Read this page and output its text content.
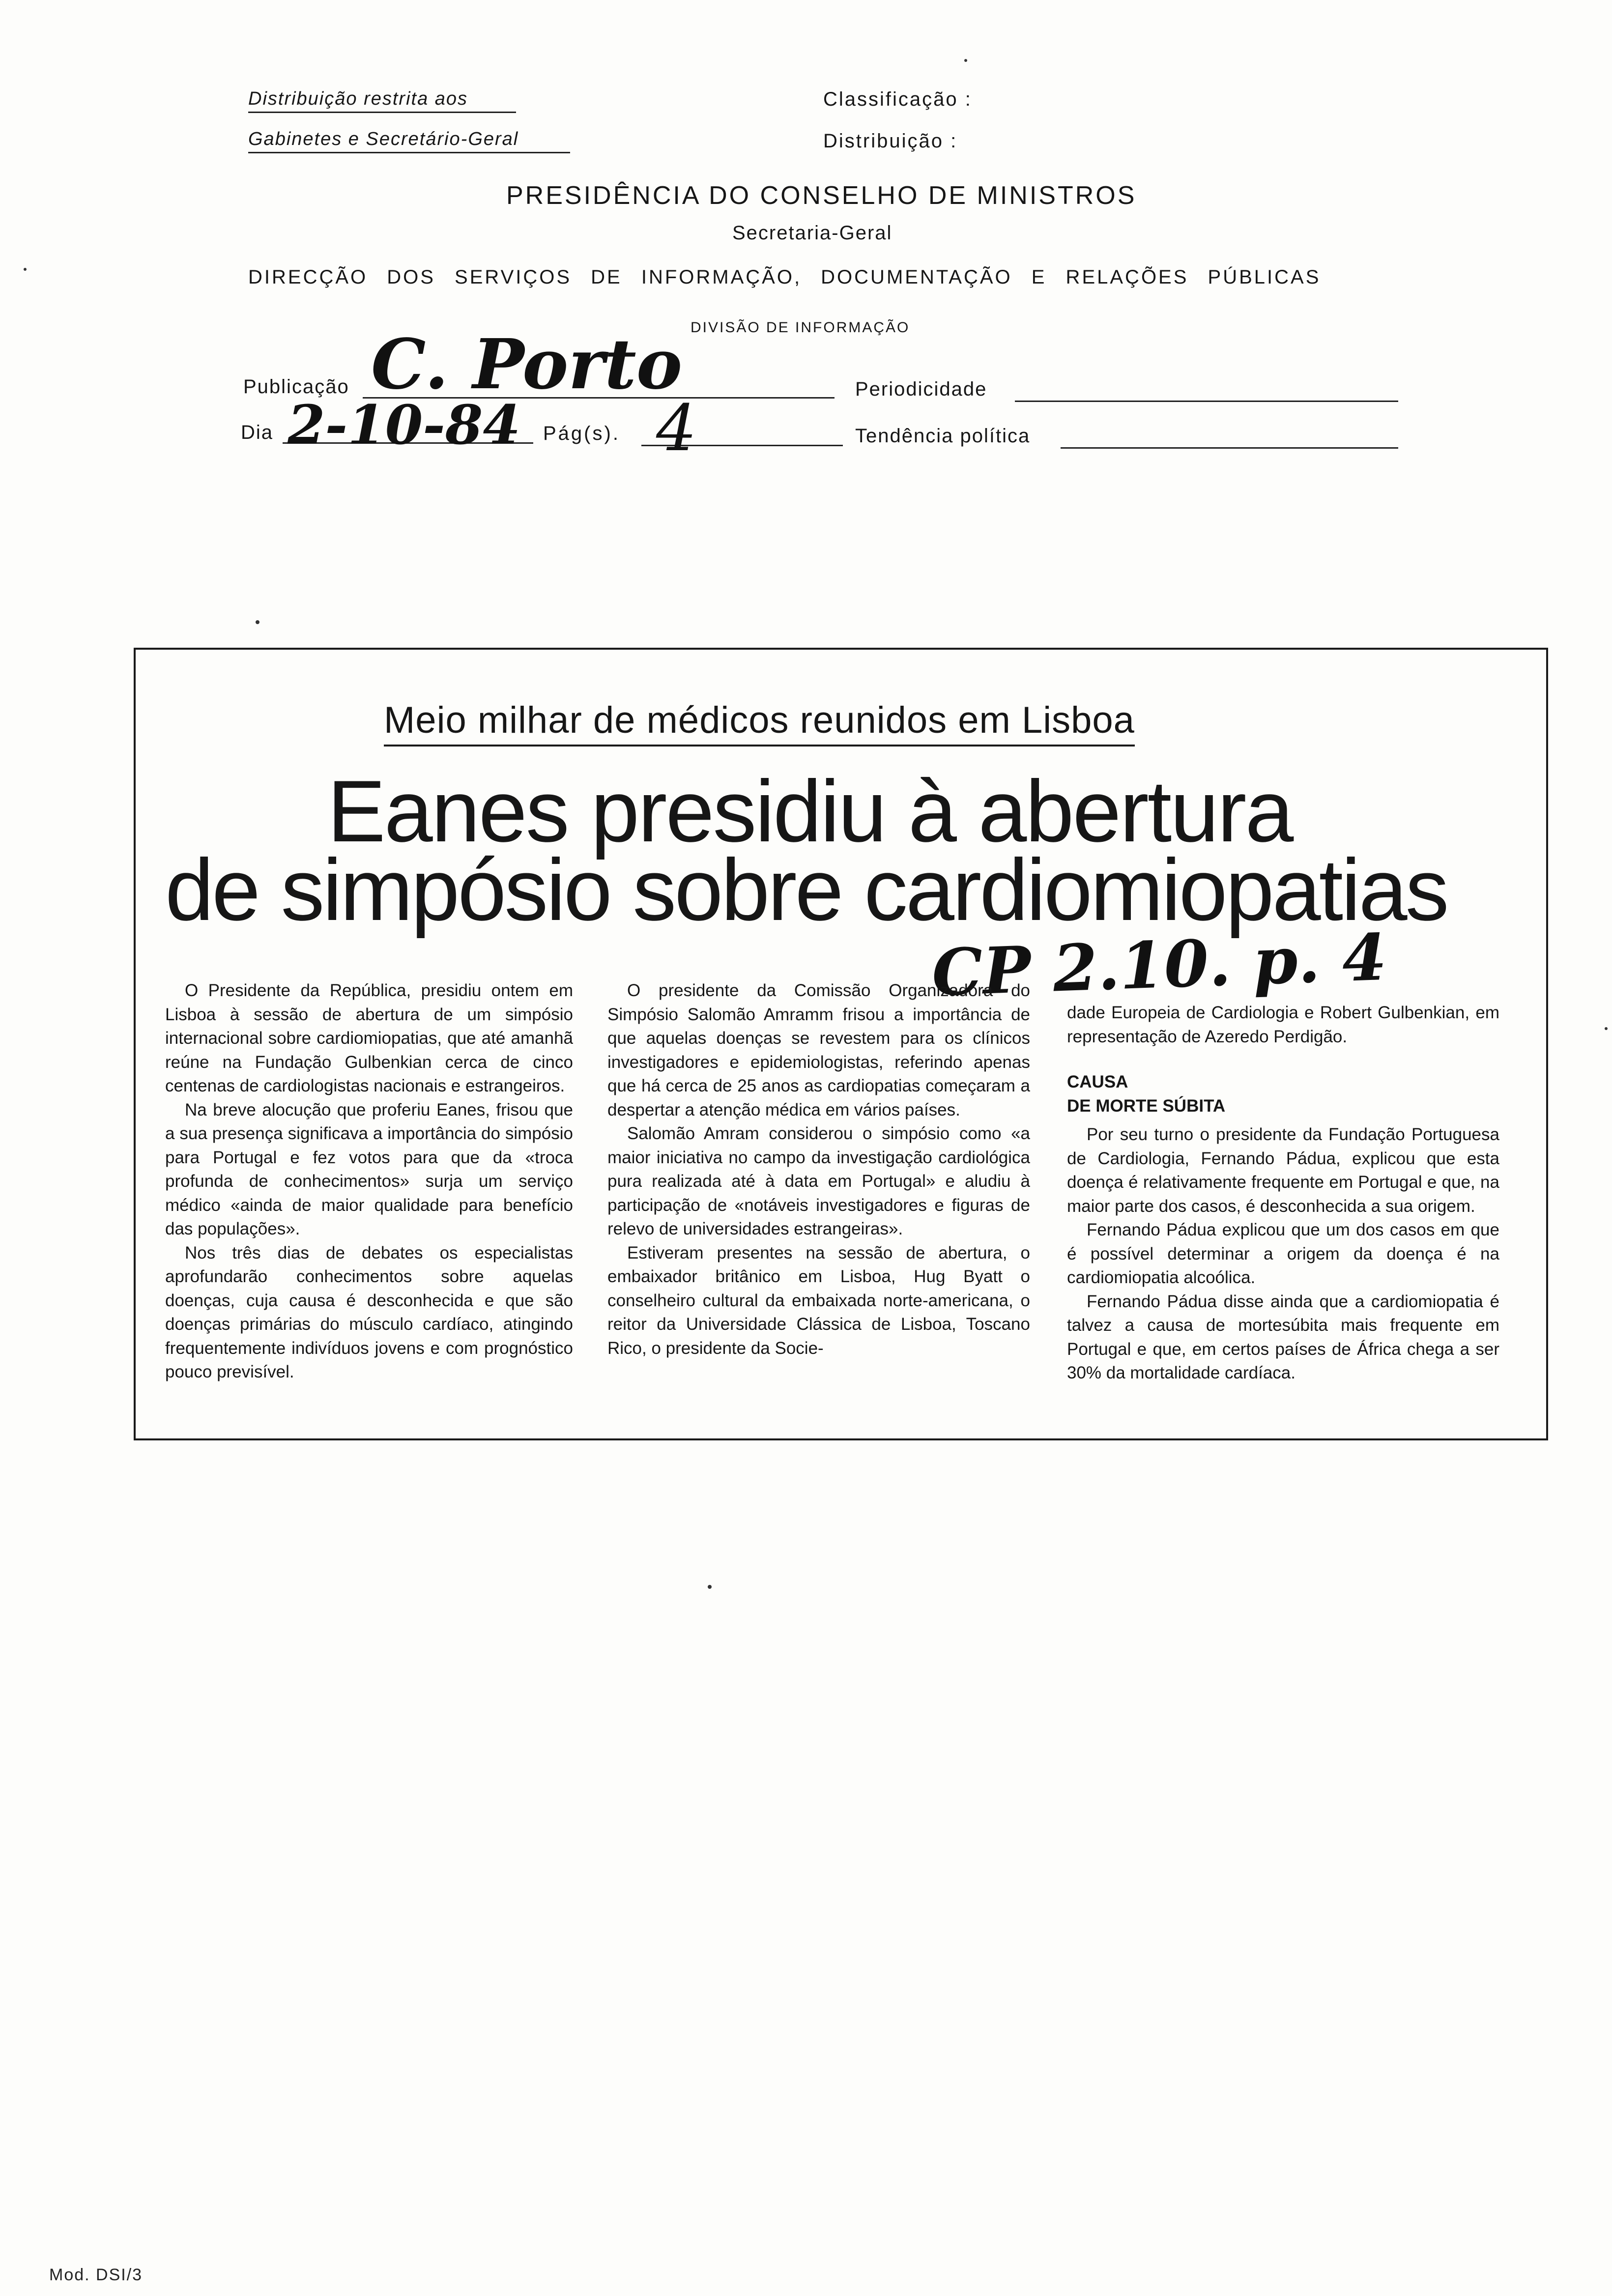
Distribuição restrita aos
Gabinetes e Secretário-Geral
Classificação :
Distribuição :
PRESIDÊNCIA DO CONSELHO DE MINISTROS
Secretaria-Geral
DIRECÇÃO DOS SERVIÇOS DE INFORMAÇÃO, DOCUMENTAÇÃO E RELAÇÕES PÚBLICAS
DIVISÃO DE INFORMAÇÃO
Publicação C. Porto	Periodicidade
Dia 2-10-84 Pág(s). 4	Tendência política
Meio milhar de médicos reunidos em Lisboa
Eanes presidiu à abertura
de simpósio sobre cardiomiopatias
CP 2.10. p. 4

O Presidente da República, presidiu ontem em Lisboa à sessão de abertura de um simpósio internacional sobre cardiomiopatias, que até amanhã reúne na Fundação Gulbenkian cerca de cinco centenas de cardiologistas nacionais e estrangeiros.

Na breve alocução que proferiu Eanes, frisou que a sua presença significava a importância do simpósio para Portugal e fez votos para que da «troca profunda de conhecimentos» surja um serviço médico «ainda de maior qualidade para benefício das populações».

Nos três dias de debates os especialistas aprofundarão conhecimentos sobre aquelas doenças, cuja causa é desconhecida e que são doenças primárias do músculo cardíaco, atingindo frequentemente indivíduos jovens e com prognóstico pouco previsível.

O presidente da Comissão Organizadora do Simpósio Salomão Amramm frisou a importância de que aquelas doenças se revestem para os clínicos investigadores e epidemiologistas, referindo apenas que há cerca de 25 anos as cardiopatias começaram a despertar a atenção médica em vários países.

Salomão Amram considerou o simpósio como «a maior iniciativa no campo da investigação cardiológica pura realizada até à data em Portugal» e aludiu à participação de «notáveis investigadores e figuras de relevo de universidades estrangeiras».

Estiveram presentes na sessão de abertura, o embaixador britânico em Lisboa, Hug Byatt o conselheiro cultural da embaixada norte-americana, o reitor da Universidade Clássica de Lisboa, Toscano Rico, o presidente da Socie-

dade Europeia de Cardiologia e Robert Gulbenkian, em representação de Azeredo Perdigão.

CAUSA
DE MORTE SÚBITA

Por seu turno o presidente da Fundação Portuguesa de Cardiologia, Fernando Pádua, explicou que esta doença é relativamente frequente em Portugal e que, na maior parte dos casos, é desconhecida a sua origem.

Fernando Pádua explicou que um dos casos em que é possível determinar a origem da doença é na cardiomiopatia alcoólica.

Fernando Pádua disse ainda que a cardiomiopatia é talvez a causa de mortesúbita mais frequente em Portugal e que, em certos países de África chega a ser 30% da mortalidade cardíaca.

Mod. DSI/3
